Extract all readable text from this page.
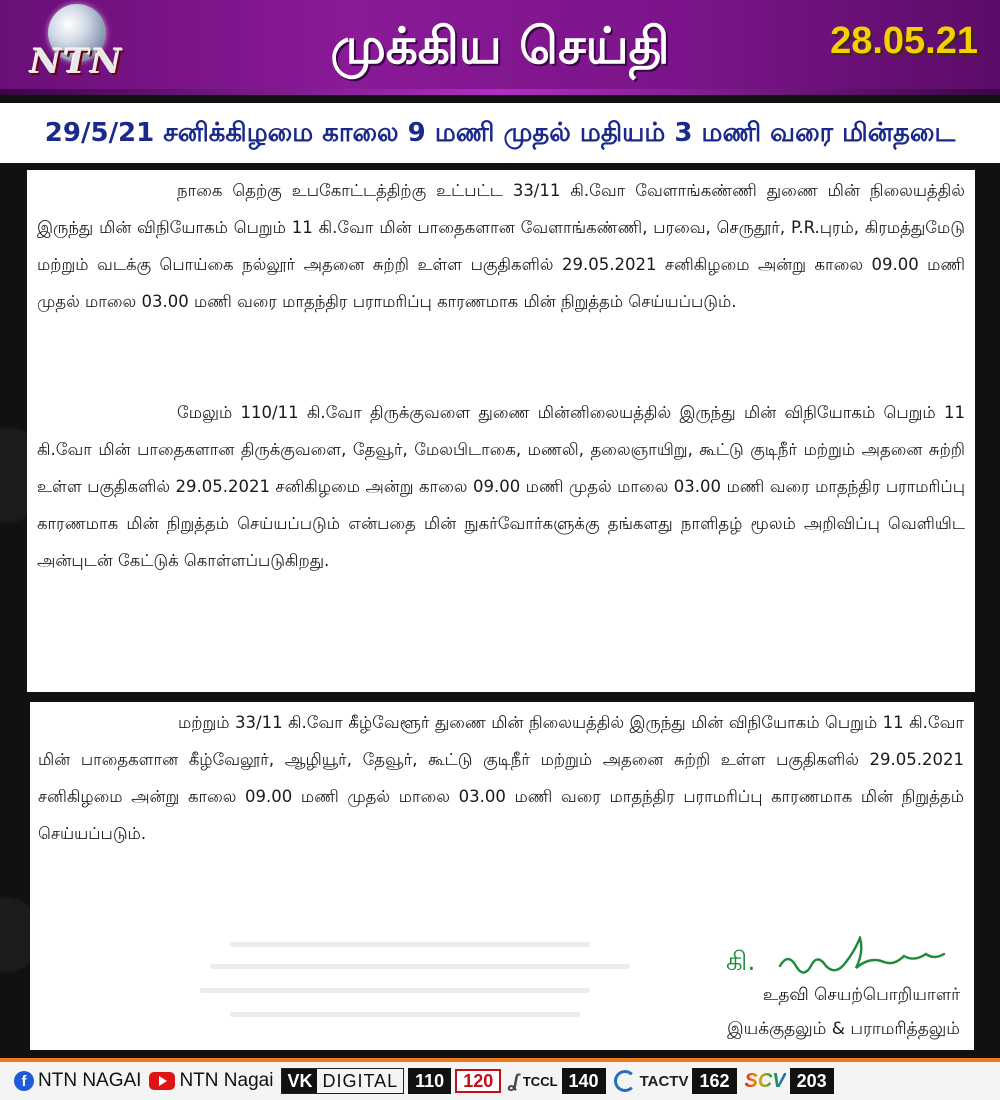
NTN	முக்கிய செய்தி	28.05.21
29/5/21 சனிக்கிழமை காலை 9 மணி முதல் மதியம் 3 மணி வரை மின்தடை
நாகை தெற்கு உபகோட்டத்திற்கு உட்பட்ட 33/11 கி.வோ வேளாங்கண்ணி துணை மின் நிலையத்தில் இருந்து மின் விநியோகம் பெறும் 11 கி.வோ மின் பாதைகளான வேளாங்கண்ணி, பரவை, செருதூர், P.R.புரம், கிரமத்துமேடு மற்றும் வடக்கு பொய்கை நல்லூர் அதனை சுற்றி உள்ள பகுதிகளில் 29.05.2021 சனிகிழமை அன்று காலை 09.00 மணி முதல் மாலை 03.00 மணி வரை மாதந்திர பராமரிப்பு காரணமாக மின் நிறுத்தம் செய்யப்படும்.
மேலும் 110/11 கி.வோ திருக்குவளை துணை மின்னிலையத்தில் இருந்து மின் விநியோகம் பெறும் 11 கி.வோ மின் பாதைகளான திருக்குவளை, தேவூர், மேலபிடாகை, மணலி, தலைஞாயிறு, கூட்டு குடிநீர் மற்றும் அதனை சுற்றி உள்ள பகுதிகளில் 29.05.2021 சனிகிழமை அன்று காலை 09.00 மணி முதல் மாலை 03.00 மணி வரை மாதந்திர பராமரிப்பு காரணமாக மின் நிறுத்தம் செய்யப்படும் என்பதை மின் நுகர்வோர்களுக்கு தங்களது நாளிதழ் மூலம் அறிவிப்பு வெளியிட அன்புடன் கேட்டுக் கொள்ளப்படுகிறது.
மற்றும் 33/11 கி.வோ கீழ்வேளூர் துணை மின் நிலையத்தில் இருந்து மின் விநியோகம் பெறும் 11 கி.வோ மின் பாதைகளான கீழ்வேலூர், ஆழியூர், தேவூர், கூட்டு குடிநீர் மற்றும் அதனை சுற்றி உள்ள பகுதிகளில் 29.05.2021 சனிகிழமை அன்று காலை 09.00 மணி முதல் மாலை 03.00 மணி வரை மாதந்திர பராமரிப்பு காரணமாக மின் நிறுத்தம் செய்யப்படும்.
கி.
உதவி செயற்பொறியாளர்
இயக்குதலும் & பராமரித்தலும்
f NTN NAGAI NTN Nagai VK DIGITAL 110	120 ʆ TCCL 140	TACTV 162 SCV 203
